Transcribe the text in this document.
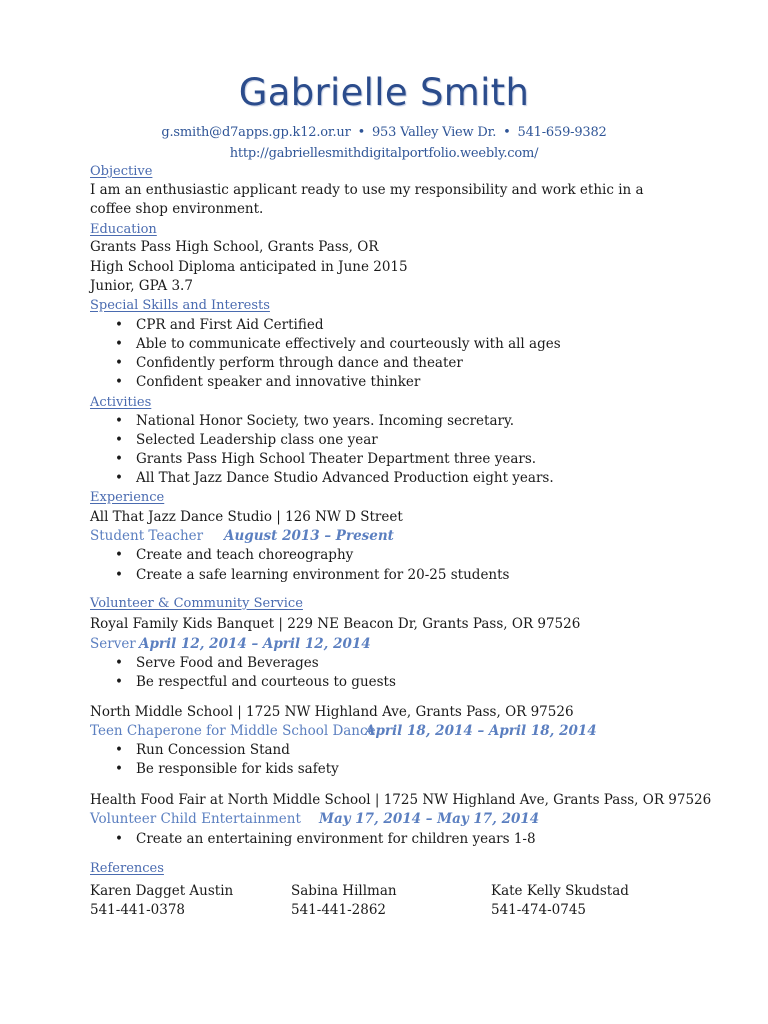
Gabrielle Smith
g.smith@d7apps.gp.k12.or.ur • 953 Valley View Dr. • 541-659-9382
http://gabriellesmithdigitalportfolio.weebly.com/
Objective
I am an enthusiastic applicant ready to use my responsibility and work ethic in a coffee shop environment.
Education
Grants Pass High School, Grants Pass, OR
High School Diploma anticipated in June 2015
Junior, GPA 3.7
Special Skills and Interests
• CPR and First Aid Certified
• Able to communicate effectively and courteously with all ages
• Confidently perform through dance and theater
• Confident speaker and innovative thinker
Activities
• National Honor Society, two years. Incoming secretary.
• Selected Leadership class one year
• Grants Pass High School Theater Department three years.
• All That Jazz Dance Studio Advanced Production eight years.
Experience
All That Jazz Dance Studio | 126 NW D Street
Student Teacher August 2013 – Present
• Create and teach choreography
• Create a safe learning environment for 20-25 students
Volunteer & Community Service
Royal Family Kids Banquet | 229 NE Beacon Dr, Grants Pass, OR 97526
Server April 12, 2014 – April 12, 2014
• Serve Food and Beverages
• Be respectful and courteous to guests
North Middle School | 1725 NW Highland Ave, Grants Pass, OR 97526
Teen Chaperone for Middle School Dance
April 18, 2014 – April 18, 2014
• Run Concession Stand
• Be responsible for kids safety
Health Food Fair at North Middle School | 1725 NW Highland Ave, Grants Pass, OR 97526
Volunteer Child Entertainment May 17, 2014 – May 17, 2014
• Create an entertaining environment for children years 1-8
References
Karen Dagget Austin
541-441-0378
Sabina Hillman
541-441-2862
Kate Kelly Skudstad
541-474-0745
